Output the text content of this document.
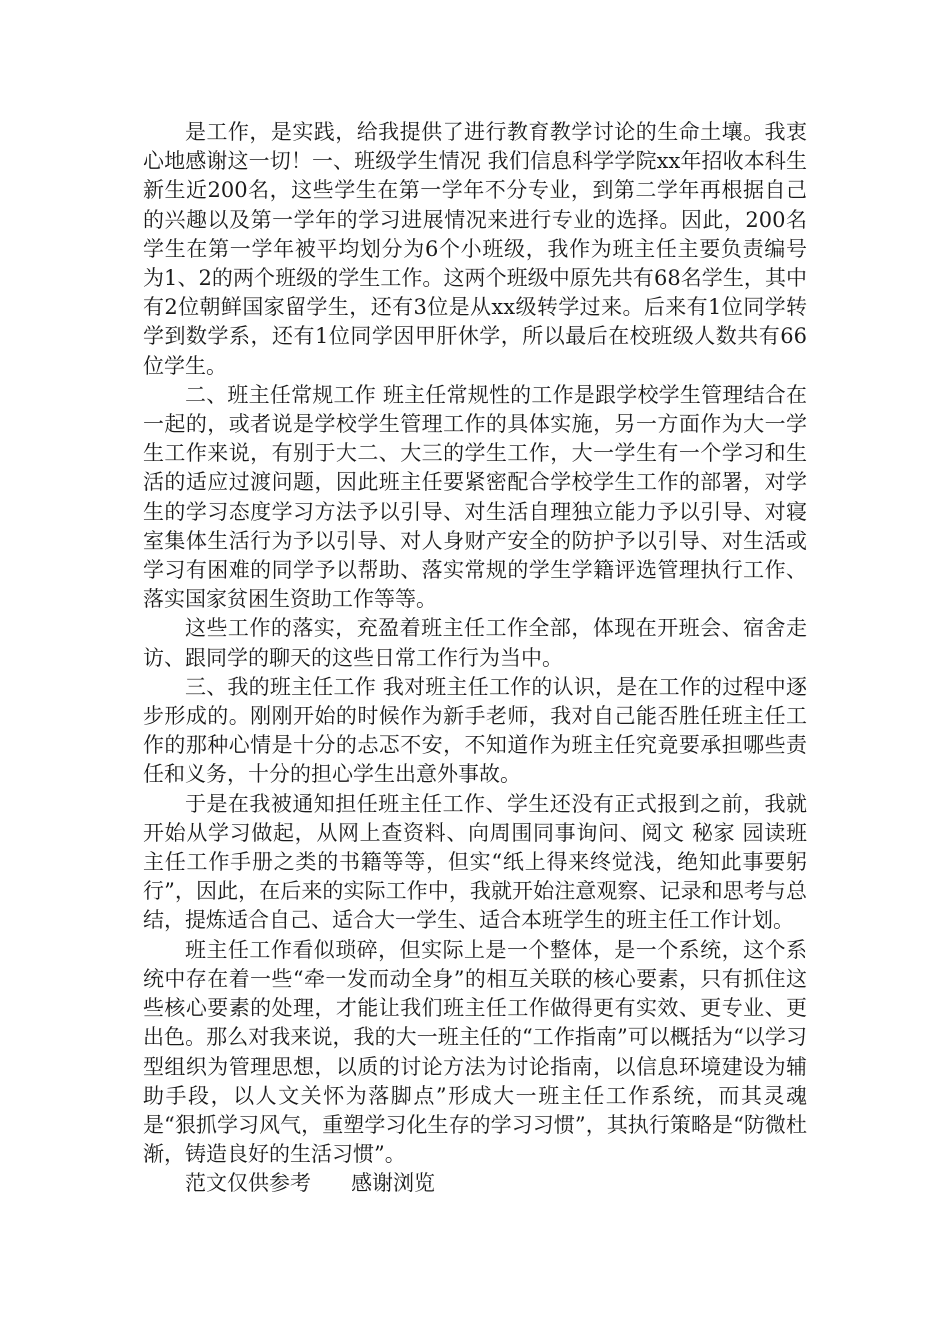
是工作，是实践，给我提供了进行教育教学讨论的生命土壤。我衷心地感谢这一切！一、班级学生情况 我们信息科学学院xx年招收本科生新生近200名，这些学生在第一学年不分专业，到第二学年再根据自己的兴趣以及第一学年的学习进展情况来进行专业的选择。因此，200名学生在第一学年被平均划分为6个小班级，我作为班主任主要负责编号为1、2的两个班级的学生工作。这两个班级中原先共有68名学生，其中有2位朝鲜国家留学生，还有3位是从xx级转学过来。后来有1位同学转学到数学系，还有1位同学因甲肝休学，所以最后在校班级人数共有66位学生。

二、班主任常规工作 班主任常规性的工作是跟学校学生管理结合在一起的，或者说是学校学生管理工作的具体实施，另一方面作为大一学生工作来说，有别于大二、大三的学生工作，大一学生有一个学习和生活的适应过渡问题，因此班主任要紧密配合学校学生工作的部署，对学生的学习态度学习方法予以引导、对生活自理独立能力予以引导、对寝室集体生活行为予以引导、对人身财产安全的防护予以引导、对生活或学习有困难的同学予以帮助、落实常规的学生学籍评选管理执行工作、落实国家贫困生资助工作等等。

这些工作的落实，充盈着班主任工作全部，体现在开班会、宿舍走访、跟同学的聊天的这些日常工作行为当中。

三、我的班主任工作 我对班主任工作的认识，是在工作的过程中逐步形成的。刚刚开始的时候作为新手老师，我对自己能否胜任班主任工作的那种心情是十分的忐忑不安，不知道作为班主任究竟要承担哪些责任和义务，十分的担心学生出意外事故。

于是在我被通知担任班主任工作、学生还没有正式报到之前，我就开始从学习做起，从网上查资料、向周围同事询问、阅文 秘家 园读班主任工作手册之类的书籍等等，但实“纸上得来终觉浅，绝知此事要躬行”，因此，在后来的实际工作中，我就开始注意观察、记录和思考与总结，提炼适合自己、适合大一学生、适合本班学生的班主任工作计划。

班主任工作看似琐碎，但实际上是一个整体，是一个系统，这个系统中存在着一些“牵一发而动全身”的相互关联的核心要素，只有抓住这些核心要素的处理，才能让我们班主任工作做得更有实效、更专业、更出色。那么对我来说，我的大一班主任的“工作指南”可以概括为“以学习型组织为管理思想，以质的讨论方法为讨论指南，以信息环境建设为辅助手段，以人文关怀为落脚点”形成大一班主任工作系统，而其灵魂是“狠抓学习风气，重塑学习化生存的学习习惯”，其执行策略是“防微杜渐，铸造良好的生活习惯”。

范文仅供参考 感谢浏览
